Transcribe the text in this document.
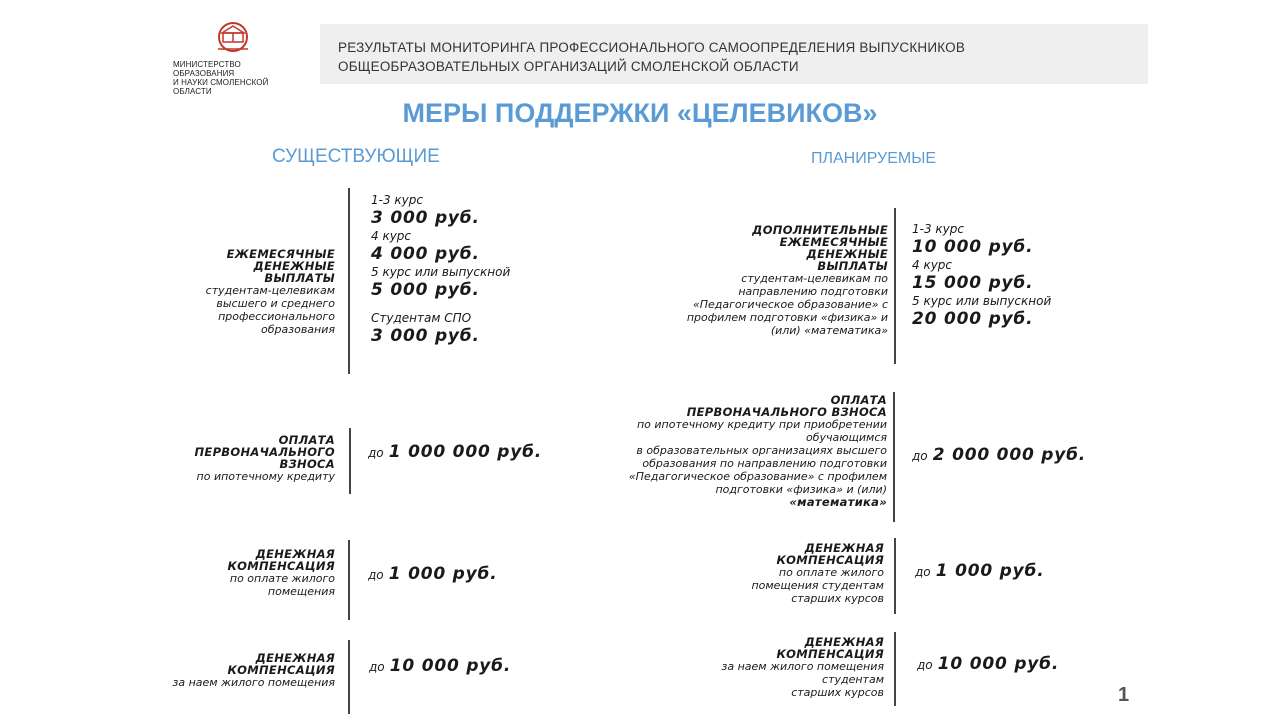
МИНИСТЕРСТВО ОБРАЗОВАНИЯ
И НАУКИ СМОЛЕНСКОЙ ОБЛАСТИ
РЕЗУЛЬТАТЫ МОНИТОРИНГА ПРОФЕССИОНАЛЬНОГО САМООПРЕДЕЛЕНИЯ ВЫПУСКНИКОВ
ОБЩЕОБРАЗОВАТЕЛЬНЫХ ОРГАНИЗАЦИЙ СМОЛЕНСКОЙ ОБЛАСТИ
МЕРЫ ПОДДЕРЖКИ «ЦЕЛЕВИКОВ»
СУЩЕСТВУЮЩИЕ	ПЛАНИРУЕМЫЕ
ЕЖЕМЕСЯЧНЫЕ
ДЕНЕЖНЫЕ
ВЫПЛАТЫ
студентам-целевикам
высшего и среднего
профессионального
образования
1-3 курс
3 000 руб.
4 курс
4 000 руб.
5 курс или выпускной
5 000 руб.
Студентам СПО
3 000 руб.
ОПЛАТА
ПЕРВОНАЧАЛЬНОГО
ВЗНОСА
по ипотечному кредиту
до 1 000 000 руб.
ДЕНЕЖНАЯ
КОМПЕНСАЦИЯ
по оплате жилого
помещения
до 1 000 руб.
ДЕНЕЖНАЯ
КОМПЕНСАЦИЯ
за наем жилого помещения
до 10 000 руб.
ДОПОЛНИТЕЛЬНЫЕ
ЕЖЕМЕСЯЧНЫЕ
ДЕНЕЖНЫЕ
ВЫПЛАТЫ
студентам-целевикам по
направлению подготовки
«Педагогическое образование» с
профилем подготовки «физика» и
(или) «математика»
1-3 курс
10 000 руб.
4 курс
15 000 руб.
5 курс или выпускной
20 000 руб.
ОПЛАТА
ПЕРВОНАЧАЛЬНОГО ВЗНОСА
по ипотечному кредиту при приобретении
обучающимся
в образовательных организациях высшего
образования по направлению подготовки
«Педагогическое образование» с профилем
подготовки «физика» и (или)
«математика»
до 2 000 000 руб.
ДЕНЕЖНАЯ
КОМПЕНСАЦИЯ
по оплате жилого
помещения студентам
старших курсов
до 1 000 руб.
ДЕНЕЖНАЯ
КОМПЕНСАЦИЯ
за наем жилого помещения
студентам
старших курсов
до 10 000 руб.
1
